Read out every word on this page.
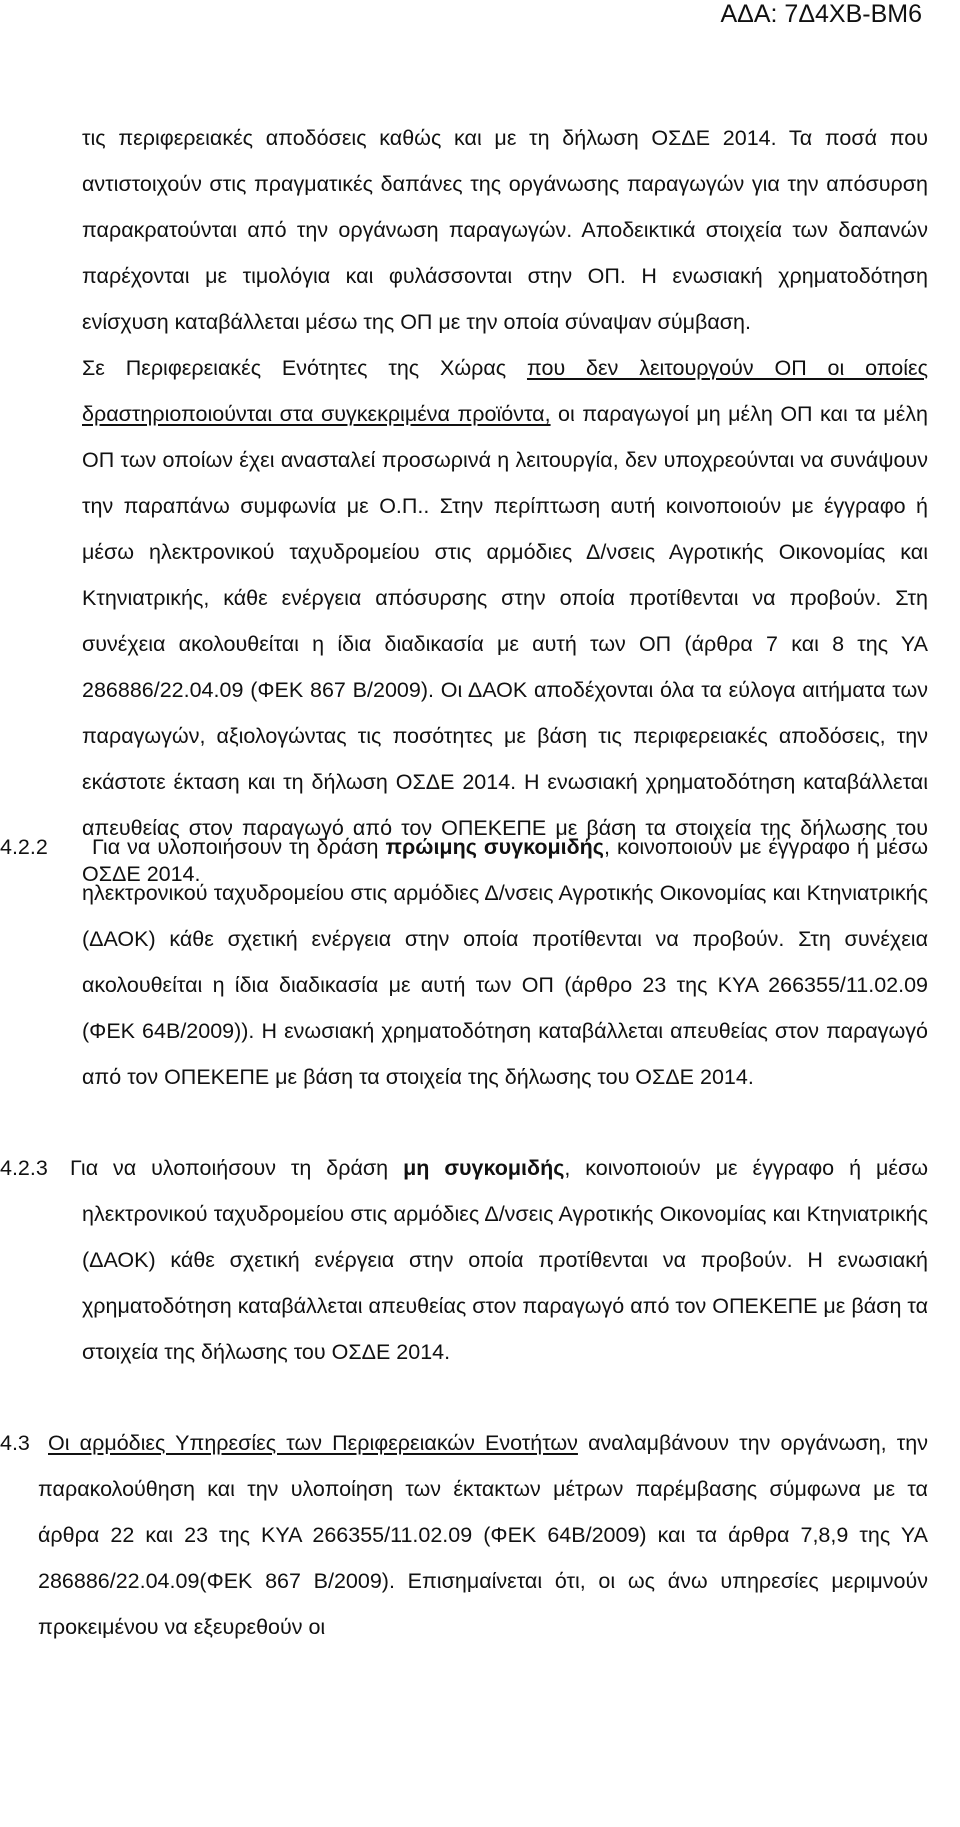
ΑΔΑ: 7Δ4ΧΒ-ΒΜ6
τις περιφερειακές αποδόσεις καθώς και με τη δήλωση ΟΣΔΕ 2014. Τα ποσά που αντιστοιχούν στις πραγματικές δαπάνες της οργάνωσης παραγωγών για την απόσυρση παρακρατούνται από την οργάνωση παραγωγών. Αποδεικτικά στοιχεία των δαπανών παρέχονται με τιμολόγια και φυλάσσονται στην ΟΠ. Η ενωσιακή χρηματοδότηση ενίσχυση καταβάλλεται μέσω της ΟΠ με την οποία σύναψαν σύμβαση.
Σε Περιφερειακές Ενότητες της Χώρας που δεν λειτουργούν ΟΠ οι οποίες δραστηριοποιούνται στα συγκεκριμένα προϊόντα, οι παραγωγοί μη μέλη ΟΠ και τα μέλη ΟΠ των οποίων έχει ανασταλεί προσωρινά η λειτουργία, δεν υποχρεούνται να συνάψουν την παραπάνω συμφωνία με Ο.Π.. Στην περίπτωση αυτή κοινοποιούν με έγγραφο ή μέσω ηλεκτρονικού ταχυδρομείου στις αρμόδιες Δ/νσεις Αγροτικής Οικονομίας και Κτηνιατρικής, κάθε ενέργεια απόσυρσης στην οποία προτίθενται να προβούν. Στη συνέχεια ακολουθείται η ίδια διαδικασία με αυτή των ΟΠ (άρθρα 7 και 8 της ΥΑ 286886/22.04.09 (ΦΕΚ 867 Β/2009). Οι ΔΑΟΚ αποδέχονται όλα τα εύλογα αιτήματα των παραγωγών, αξιολογώντας τις ποσότητες με βάση τις περιφερειακές αποδόσεις, την εκάστοτε έκταση και τη δήλωση ΟΣΔΕ 2014. Η ενωσιακή χρηματοδότηση καταβάλλεται απευθείας στον παραγωγό από τον ΟΠΕΚΕΠΕ με βάση τα στοιχεία της δήλωσης του ΟΣΔΕ 2014.
4.2.2	Για να υλοποιήσουν τη δράση πρώιμης συγκομιδής, κοινοποιούν με έγγραφο ή μέσω ηλεκτρονικού ταχυδρομείου στις αρμόδιες Δ/νσεις Αγροτικής Οικονομίας και Κτηνιατρικής (ΔΑΟΚ) κάθε σχετική ενέργεια στην οποία προτίθενται να προβούν. Στη συνέχεια ακολουθείται η ίδια διαδικασία με αυτή των ΟΠ (άρθρο 23 της ΚΥΑ 266355/11.02.09 (ΦΕΚ 64Β/2009)). Η ενωσιακή χρηματοδότηση καταβάλλεται απευθείας στον παραγωγό από τον ΟΠΕΚΕΠΕ με βάση τα στοιχεία της δήλωσης του ΟΣΔΕ 2014.
4.2.3	Για να υλοποιήσουν τη δράση μη συγκομιδής, κοινοποιούν με έγγραφο ή μέσω ηλεκτρονικού ταχυδρομείου στις αρμόδιες Δ/νσεις Αγροτικής Οικονομίας και Κτηνιατρικής (ΔΑΟΚ) κάθε σχετική ενέργεια στην οποία προτίθενται να προβούν. Η ενωσιακή χρηματοδότηση καταβάλλεται απευθείας στον παραγωγό από τον ΟΠΕΚΕΠΕ με βάση τα στοιχεία της δήλωσης του ΟΣΔΕ 2014.
4.3 Οι αρμόδιες Υπηρεσίες των Περιφερειακών Ενοτήτων αναλαμβάνουν την οργάνωση, την παρακολούθηση και την υλοποίηση των έκτακτων μέτρων παρέμβασης σύμφωνα με τα άρθρα 22 και 23 της ΚΥΑ 266355/11.02.09 (ΦΕΚ 64Β/2009) και τα άρθρα 7,8,9 της ΥΑ 286886/22.04.09(ΦΕΚ 867 Β/2009). Επισημαίνεται ότι, οι ως άνω υπηρεσίες μεριμνούν προκειμένου να εξευρεθούν οι
